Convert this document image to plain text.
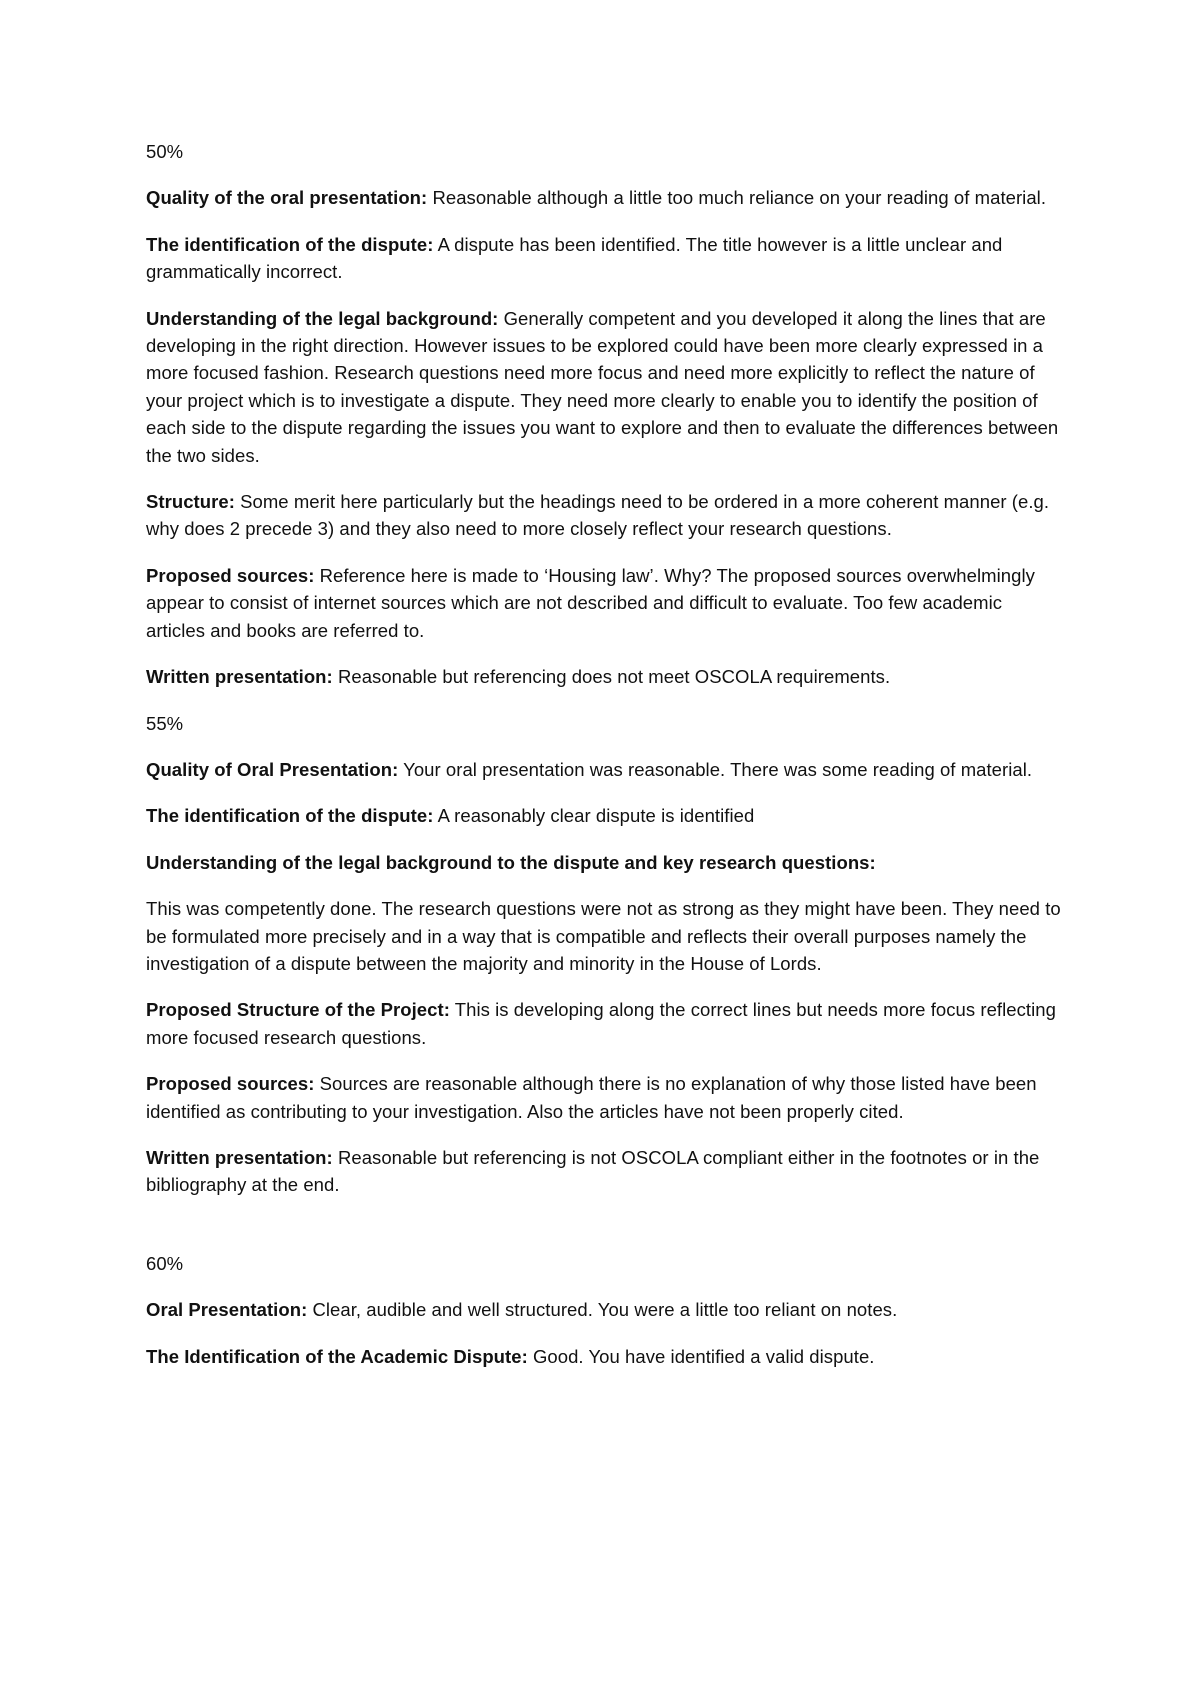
50%

Quality of the oral presentation: Reasonable although a little too much reliance on your reading of material.

The identification of the dispute: A dispute has been identified. The title however is a little unclear and grammatically incorrect.

Understanding of the legal background: Generally competent and you developed it along the lines that are developing in the right direction. However issues to be explored could have been more clearly expressed in a more focused fashion. Research questions need more focus and need more explicitly to reflect the nature of your project which is to investigate a dispute. They need more clearly to enable you to identify the position of each side to the dispute regarding the issues you want to explore and then to evaluate the differences between the two sides.

Structure: Some merit here particularly but the headings need to be ordered in a more coherent manner (e.g. why does 2 precede 3) and they also need to more closely reflect your research questions.

Proposed sources: Reference here is made to ‘Housing law’. Why? The proposed sources overwhelmingly appear to consist of internet sources which are not described and difficult to evaluate. Too few academic articles and books are referred to.

Written presentation: Reasonable but referencing does not meet OSCOLA requirements.

55%

Quality of Oral Presentation: Your oral presentation was reasonable. There was some reading of material.

The identification of the dispute: A reasonably clear dispute is identified

Understanding of the legal background to the dispute and key research questions:

This was competently done. The research questions were not as strong as they might have been. They need to be formulated more precisely and in a way that is compatible and reflects their overall purposes namely the investigation of a dispute between the majority and minority in the House of Lords.

Proposed Structure of the Project: This is developing along the correct lines but needs more focus reflecting more focused research questions.

Proposed sources: Sources are reasonable although there is no explanation of why those listed have been identified as contributing to your investigation. Also the articles have not been properly cited.

Written presentation: Reasonable but referencing is not OSCOLA compliant either in the footnotes or in the bibliography at the end.

60%

Oral Presentation: Clear, audible and well structured. You were a little too reliant on notes.

The Identification of the Academic Dispute: Good. You have identified a valid dispute.
